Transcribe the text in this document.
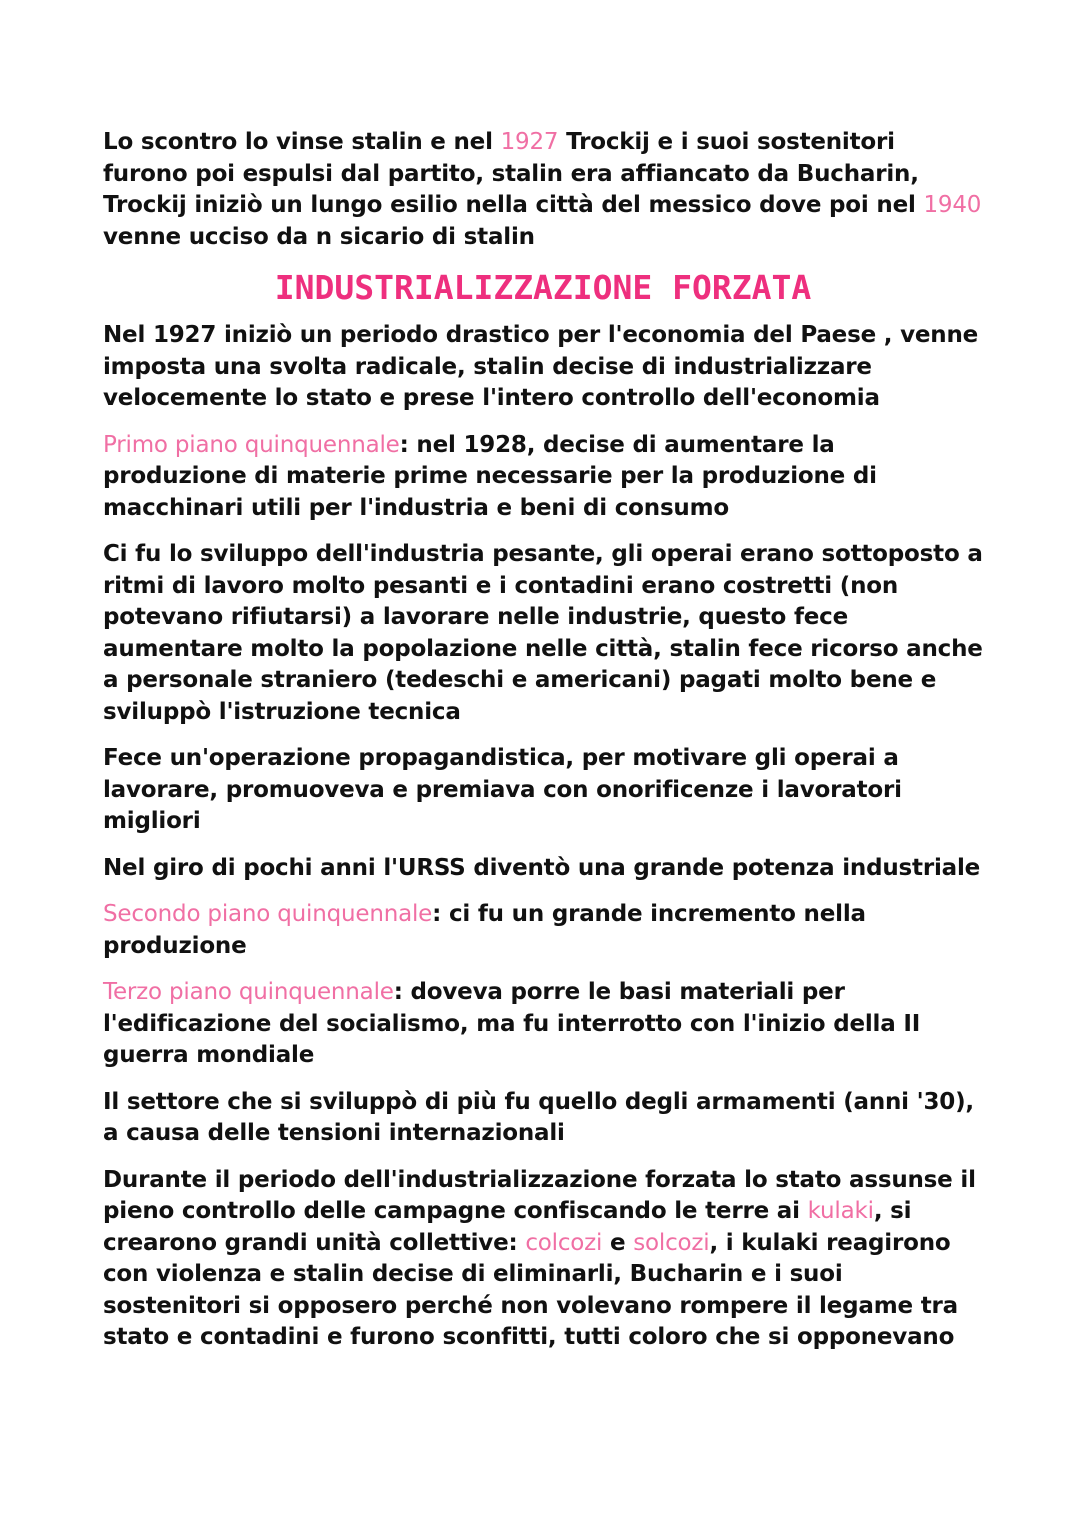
Lo scontro lo vinse stalin e nel 1927 Trockij e i suoi sostenitori furono poi espulsi dal partito, stalin era affiancato da Bucharin, Trockij iniziò un lungo esilio nella città del messico dove poi nel 1940 venne ucciso da n sicario di stalin
INDUSTRIALIZZAZIONE FORZATA
Nel 1927 iniziò un periodo drastico per l'economia del Paese , venne imposta una svolta radicale, stalin decise di industrializzare velocemente lo stato e prese l'intero controllo dell'economia
Primo piano quinquennale: nel 1928, decise di aumentare la produzione di materie prime necessarie per la produzione di macchinari utili per l'industria e beni di consumo
Ci fu lo sviluppo dell'industria pesante, gli operai erano sottoposto a ritmi di lavoro molto pesanti e i contadini erano costretti (non potevano rifiutarsi) a lavorare nelle industrie, questo fece aumentare molto la popolazione nelle città, stalin fece ricorso anche a personale straniero (tedeschi e americani) pagati molto bene e sviluppò l'istruzione tecnica
Fece un'operazione propagandistica, per motivare gli operai a lavorare, promuoveva e premiava con onorificenze i lavoratori migliori
Nel giro di pochi anni l'URSS diventò una grande potenza industriale
Secondo piano quinquennale: ci fu un grande incremento nella produzione
Terzo piano quinquennale: doveva porre le basi materiali per l'edificazione del socialismo, ma fu interrotto con l'inizio della II guerra mondiale
Il settore che si sviluppò di più fu quello degli armamenti (anni '30), a causa delle tensioni internazionali
Durante il periodo dell'industrializzazione forzata lo stato assunse il pieno controllo delle campagne confiscando le terre ai kulaki, si crearono grandi unità collettive: colcozi e solcozi, i kulaki reagirono con violenza e stalin decise di eliminarli, Bucharin e i suoi sostenitori si opposero perché non volevano rompere il legame tra stato e contadini e furono sconfitti, tutti coloro che si opponevano
